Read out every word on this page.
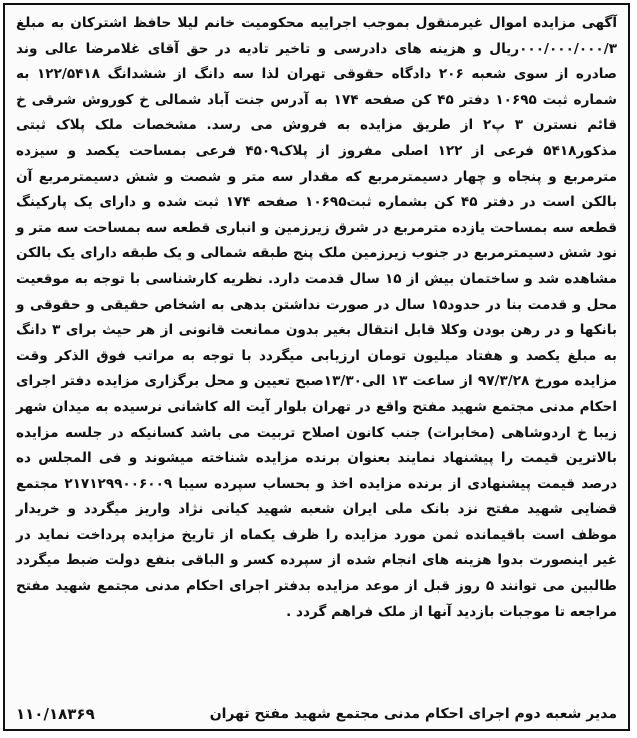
آگهی مزایده اموال غیرمنقول بموجب اجراییه محکومیت خانم لیلا حافظ اشترکان به مبلغ ۰۰۰/۰۰۰/۰۰۰/۳ریال و هزینه های دادرسی و تاخیر تادیه در حق آقای غلامرضا عالی وند صادره از سوی شعبه ۲۰۶ دادگاه حقوقی تهران لذا سه دانگ از ششدانگ ۱۲۲/۵۴۱۸ به شماره ثبت ۱۰۶۹۵ دفتر ۴۵ کن صفحه ۱۷۴ به آدرس جنت آباد شمالی خ کوروش شرقی خ قائم نسترن ۳ پ۲ از طریق مزایده به فروش می رسد. مشخصات ملک پلاک ثبتی مذکور۵۴۱۸ فرعی از ۱۲۲ اصلی مفروز از پلاک۴۵۰۹ فرعی بمساحت یکصد و سیزده مترمربع و پنجاه و چهار دسیمترمربع که مقدار سه متر و شصت و شش دسیمترمربع آن بالکن است در دفتر ۴۵ کن بشماره ثبت۱۰۶۹۵ صفحه ۱۷۴ ثبت شده و دارای یک پارکینگ قطعه سه بمساحت یازده مترمربع در شرق زیرزمین و انباری قطعه سه بمساحت سه متر و نود شش دسیمترمربع در جنوب زیرزمین ملک پنج طبقه شمالی و یک طبقه دارای یک بالکن مشاهده شد و ساختمان بیش از ۱۵ سال قدمت دارد. نظریه کارشناسی با توجه به موقعیت محل و قدمت بنا در حدود۱۵ سال در صورت نداشتن بدهی به اشخاص حقیقی و حقوقی و بانکها و در رهن بودن وکلا قابل انتقال بغیر بدون ممانعت قانونی از هر حیث برای ۳ دانگ به مبلغ یکصد و هفتاد میلیون تومان ارزیابی میگردد با توجه به مراتب فوق الذکر وقت مزایده مورخ ۹۷/۳/۲۸ از ساعت ۱۳ الی۱۳/۳۰صبح تعیین و محل برگزاری مزایده دفتر اجرای احکام مدنی مجتمع شهید مفتح واقع در تهران بلوار آیت اله کاشانی نرسیده به میدان شهر زیبا خ اردوشاهی (مخابرات) جنب کانون اصلاح تربیت می باشد کسانیکه در جلسه مزایده بالاترین قیمت را پیشنهاد نمایند بعنوان برنده مزایده شناخته میشوند و فی المجلس ده درصد قیمت پیشنهادی از برنده مزایده اخذ و بحساب سپرده سیبا ۲۱۷۱۲۹۹۰۰۶۰۰۹ مجتمع قضایی شهید مفتح نزد بانک ملی ایران شعبه شهید کیانی نژاد واریز میگردد و خریدار موظف است باقیمانده ثمن مورد مزایده را ظرف یکماه از تاریخ مزایده پرداخت نماید در غیر اینصورت بدوا هزینه های انجام شده از سپرده کسر و الباقی بنفع دولت ضبط میگردد طالبین می توانند ۵ روز قبل از موعد مزایده بدفتر اجرای احکام مدنی مجتمع شهید مفتح مراجعه تا موجبات بازدید آنها از ملک فراهم گردد .

مدیر شعبه دوم اجرای احکام مدنی مجتمع شهید مفتح تهران
۱۱۰/۱۸۳۶۹
